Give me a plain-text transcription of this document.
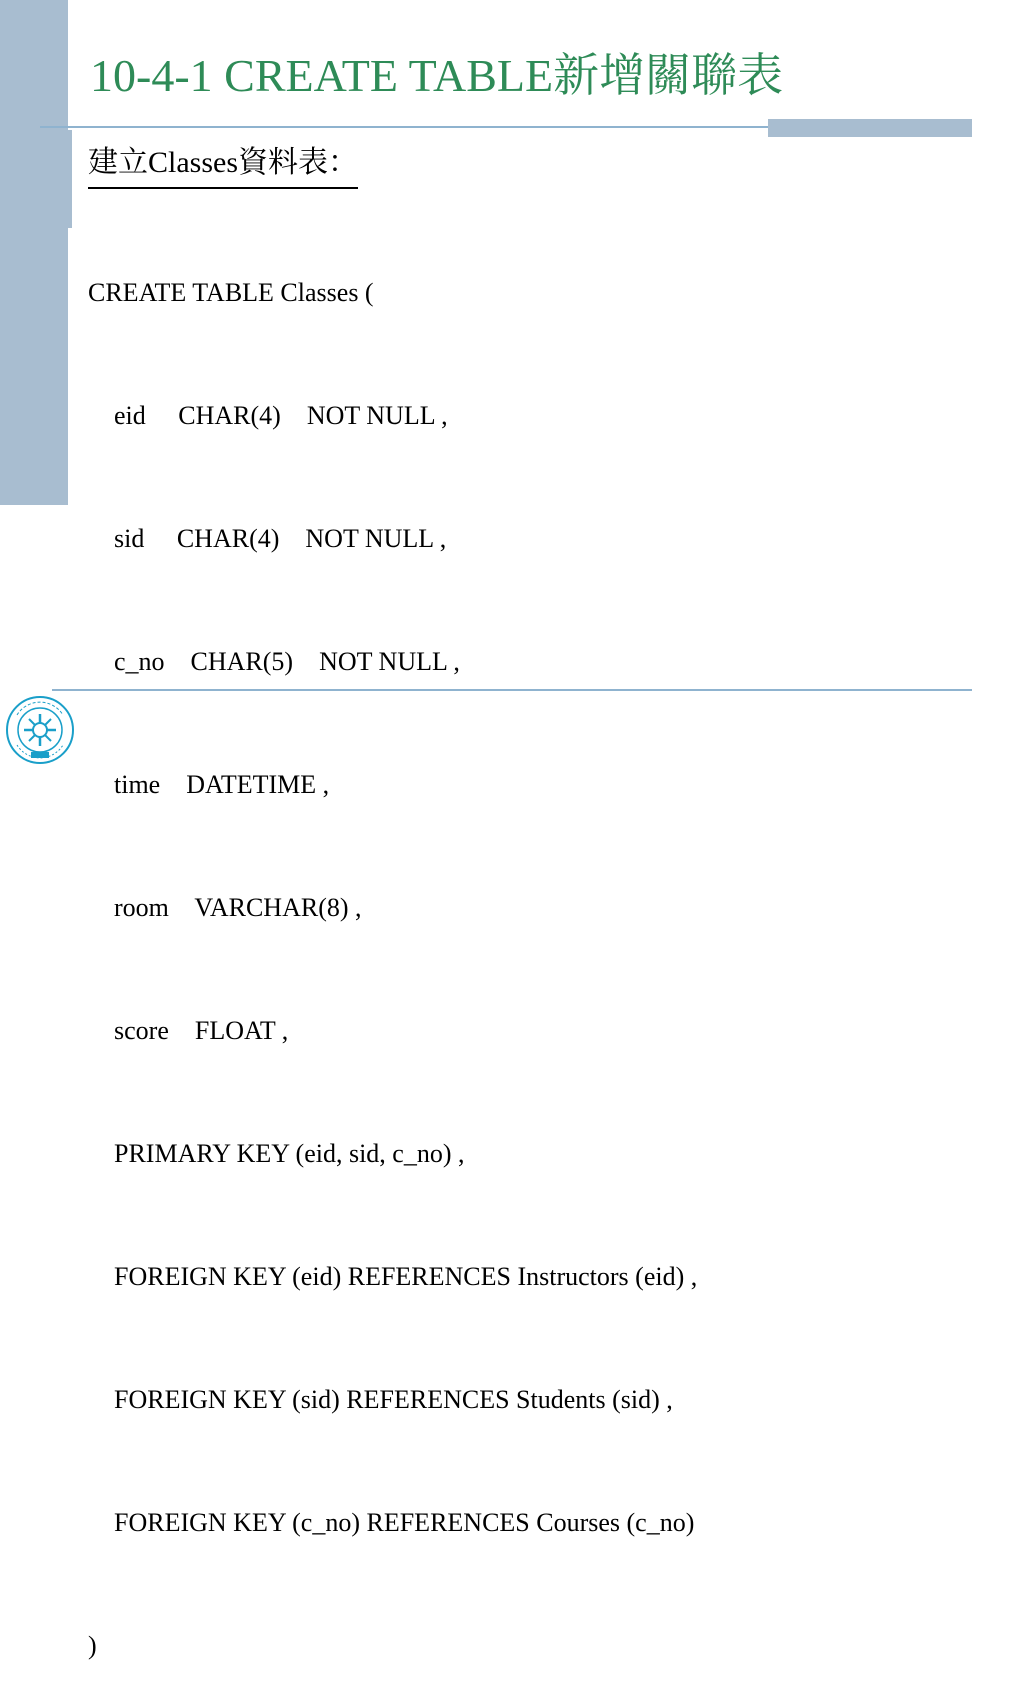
10-4-1 CREATE TABLE新增關聯表
建立Classes資料表：

CREATE TABLE Classes (

eid     CHAR(4)    NOT NULL ,

sid     CHAR(4)    NOT NULL ,

c_no    CHAR(5)    NOT NULL ,

time    DATETIME ,

room    VARCHAR(8) ,

score    FLOAT ,

PRIMARY KEY (eid, sid, c_no) ,

FOREIGN KEY (eid) REFERENCES Instructors (eid) ,

FOREIGN KEY (sid) REFERENCES Students (sid) ,

FOREIGN KEY (c_no) REFERENCES Courses (c_no)

)
